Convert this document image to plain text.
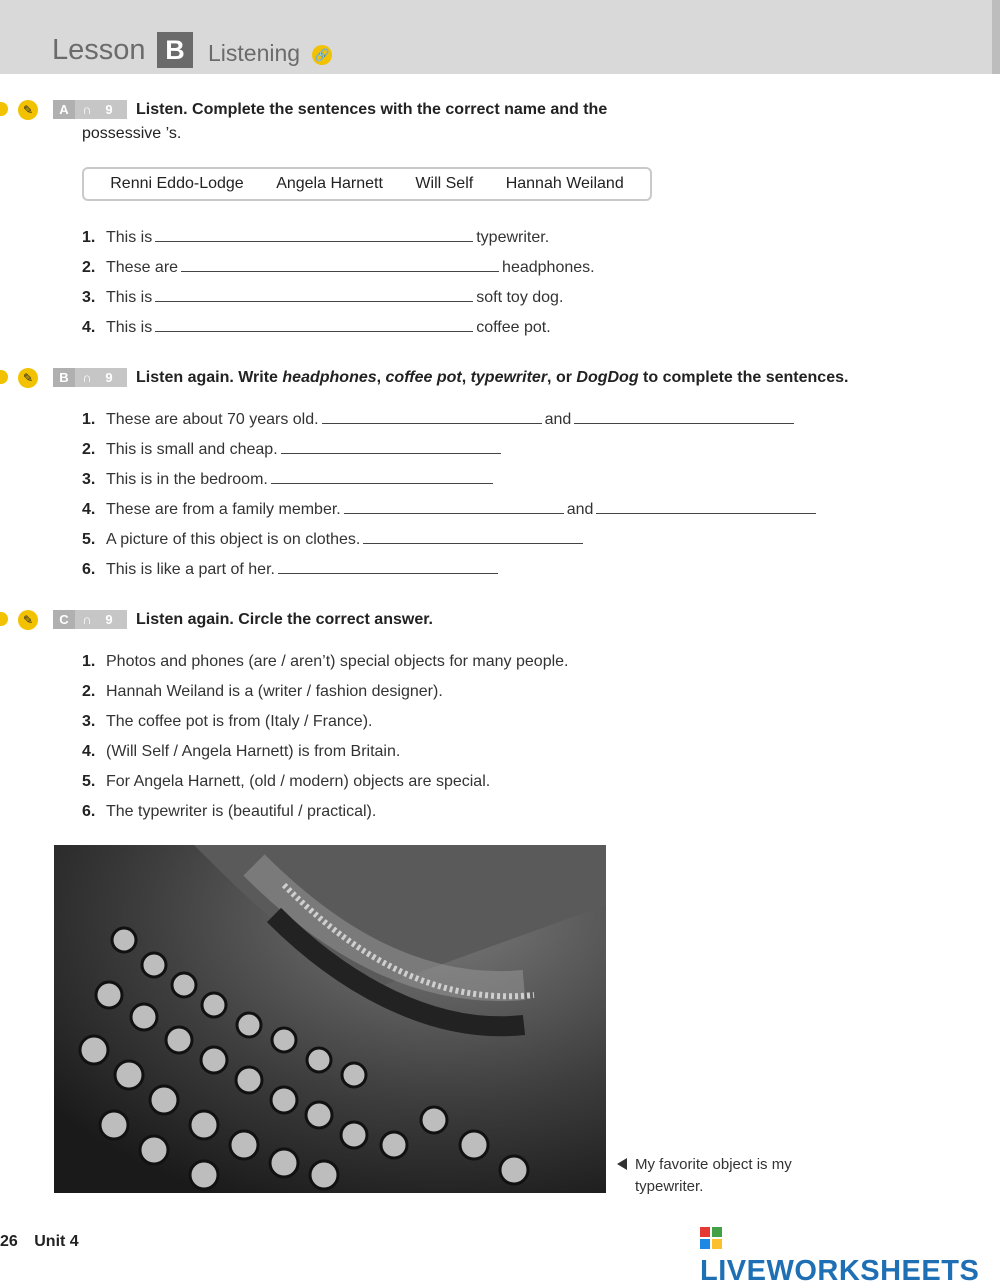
Lesson B	Listening 🔗
✎	A ∩ 9	Listen. Complete the sentences with the correct name and the
possessive ’s.
Renni Eddo-Lodge Angela Harnett Will Self Hannah Weiland
1. This is	typewriter.
2. These are	headphones.
3. This is	soft toy dog.
4. This is	coffee pot.
✎	B ∩ 9	Listen again. Write headphones, coffee pot, typewriter, or DogDog to complete the sentences.
1. These are about 70 years old.	and
2. This is small and cheap.
3. This is in the bedroom.
4. These are from a family member.	and
5. A picture of this object is on clothes.
6. This is like a part of her.
✎	C ∩ 9	Listen again. Circle the correct answer.
1. Photos and phones (are / aren’t) special objects for many people.
2. Hannah Weiland is a (writer / fashion designer).
3. The coffee pot is from (Italy / France).
4. (Will Self / Angela Harnett) is from Britain.
5. For Angela Harnett, (old / modern) objects are special.
6. The typewriter is (beautiful / practical).
My favorite object is my
typewriter.
26 Unit 4
LIVEWORKSHEETS
